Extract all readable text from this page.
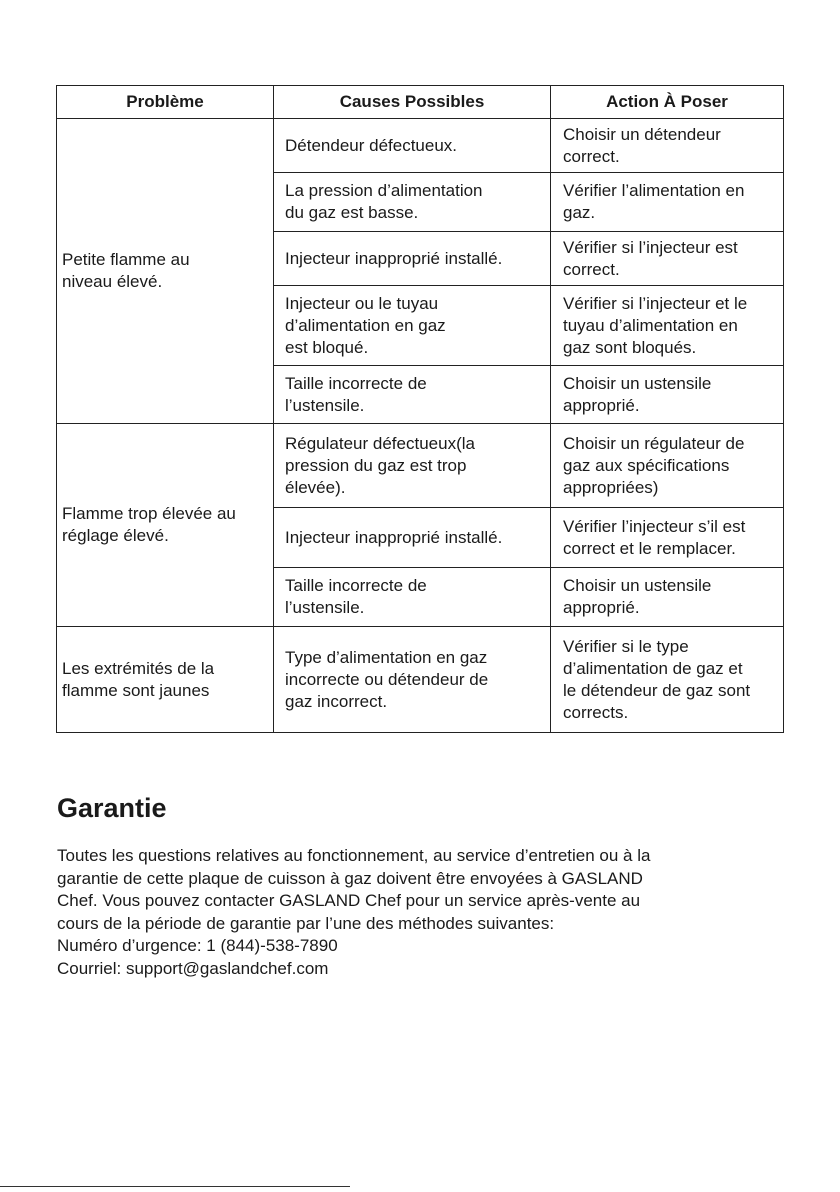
Problème	Causes Possibles	Action À Poser

Petite flamme au
niveau élevé.	Détendeur défectueux.	Choisir un détendeur
correct.

	La pression d’alimentation
du gaz est basse.	Vérifier l’alimentation en
gaz.

	Injecteur inapproprié installé.	Vérifier si l’injecteur est
correct.

	Injecteur ou le tuyau
d’alimentation en gaz
est bloqué.	Vérifier si l’injecteur et le
tuyau d’alimentation en
gaz sont bloqués.

	Taille incorrecte de
l’ustensile.	Choisir un ustensile
approprié.

Flamme trop élevée au
réglage élevé.	Régulateur défectueux(la
pression du gaz est trop
élevée).	Choisir un régulateur de
gaz aux spécifications
appropriées)

	Injecteur inapproprié installé.	Vérifier l’injecteur s’il est
correct et le remplacer.

	Taille incorrecte de
l’ustensile.	Choisir un ustensile
approprié.

Les extrémités de la
flamme sont jaunes	Type d’alimentation en gaz
incorrecte ou détendeur de
gaz incorrect.	Vérifier si le type
d’alimentation de gaz et
le détendeur de gaz sont
corrects.
Garantie
Toutes les questions relatives au fonctionnement, au service d’entretien ou à la
garantie de cette plaque de cuisson à gaz doivent être envoyées à GASLAND
Chef. Vous pouvez contacter GASLAND Chef pour un service après-vente au
cours de la période de garantie par l’une des méthodes suivantes:
Numéro d’urgence: 1 (844)-538-7890
Courriel: support@gaslandchef.com
